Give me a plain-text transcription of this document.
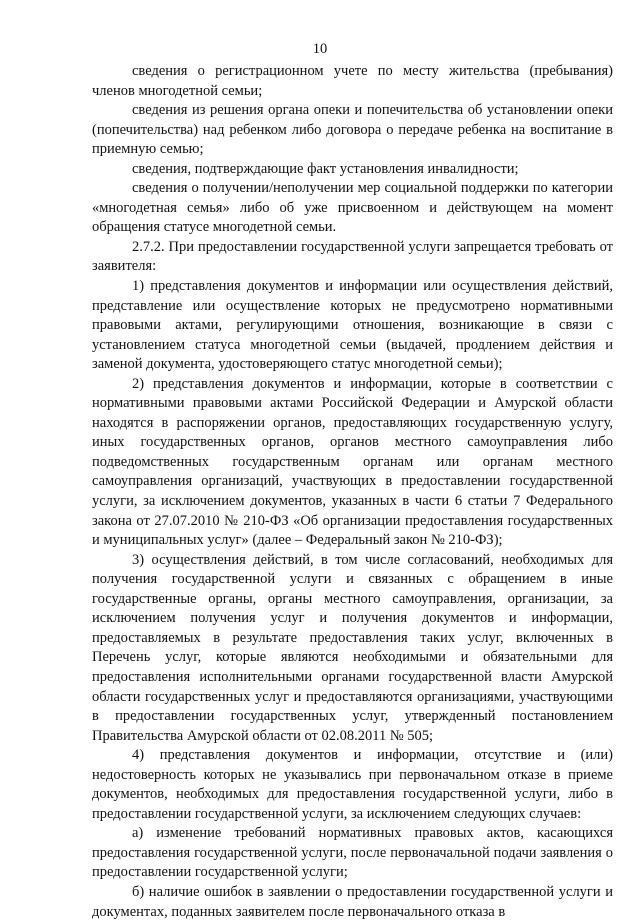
10

сведения о регистрационном учете по месту жительства (пребывания) членов многодетной семьи;

сведения из решения органа опеки и попечительства об установлении опеки (попечительства) над ребенком либо договора о передаче ребенка на воспитание в приемную семью;

сведения, подтверждающие факт установления инвалидности;

сведения о получении/неполучении мер социальной поддержки по категории «многодетная семья» либо об уже присвоенном и действующем на момент обращения статусе многодетной семьи.

2.7.2. При предоставлении государственной услуги запрещается требовать от заявителя:

1) представления документов и информации или осуществления действий, представление или осуществление которых не предусмотрено нормативными правовыми актами, регулирующими отношения, возникающие в связи с установлением статуса многодетной семьи (выдачей, продлением действия и заменой документа, удостоверяющего статус многодетной семьи);

2) представления документов и информации, которые в соответствии с нормативными правовыми актами Российской Федерации и Амурской области находятся в распоряжении органов, предоставляющих государственную услугу, иных государственных органов, органов местного самоуправления либо подведомственных государственным органам или органам местного самоуправления организаций, участвующих в предоставлении государственной услуги, за исключением документов, указанных в части 6 статьи 7 Федерального закона от 27.07.2010 № 210-ФЗ «Об организации предоставления государственных и муниципальных услуг» (далее – Федеральный закон № 210-ФЗ);

3) осуществления действий, в том числе согласований, необходимых для получения государственной услуги и связанных с обращением в иные государственные органы, органы местного самоуправления, организации, за исключением получения услуг и получения документов и информации, предоставляемых в результате предоставления таких услуг, включенных в Перечень услуг, которые являются необходимыми и обязательными для предоставления исполнительными органами государственной власти Амурской области государственных услуг и предоставляются организациями, участвующими в предоставлении государственных услуг, утвержденный постановлением Правительства Амурской области от 02.08.2011 № 505;

4) представления документов и информации, отсутствие и (или) недостоверность которых не указывались при первоначальном отказе в приеме документов, необходимых для предоставления государственной услуги, либо в предоставлении государственной услуги, за исключением следующих случаев:

а) изменение требований нормативных правовых актов, касающихся предоставления государственной услуги, после первоначальной подачи заявления о предоставлении государственной услуги;

б) наличие ошибок в заявлении о предоставлении государственной услуги и документах, поданных заявителем после первоначального отказа в
